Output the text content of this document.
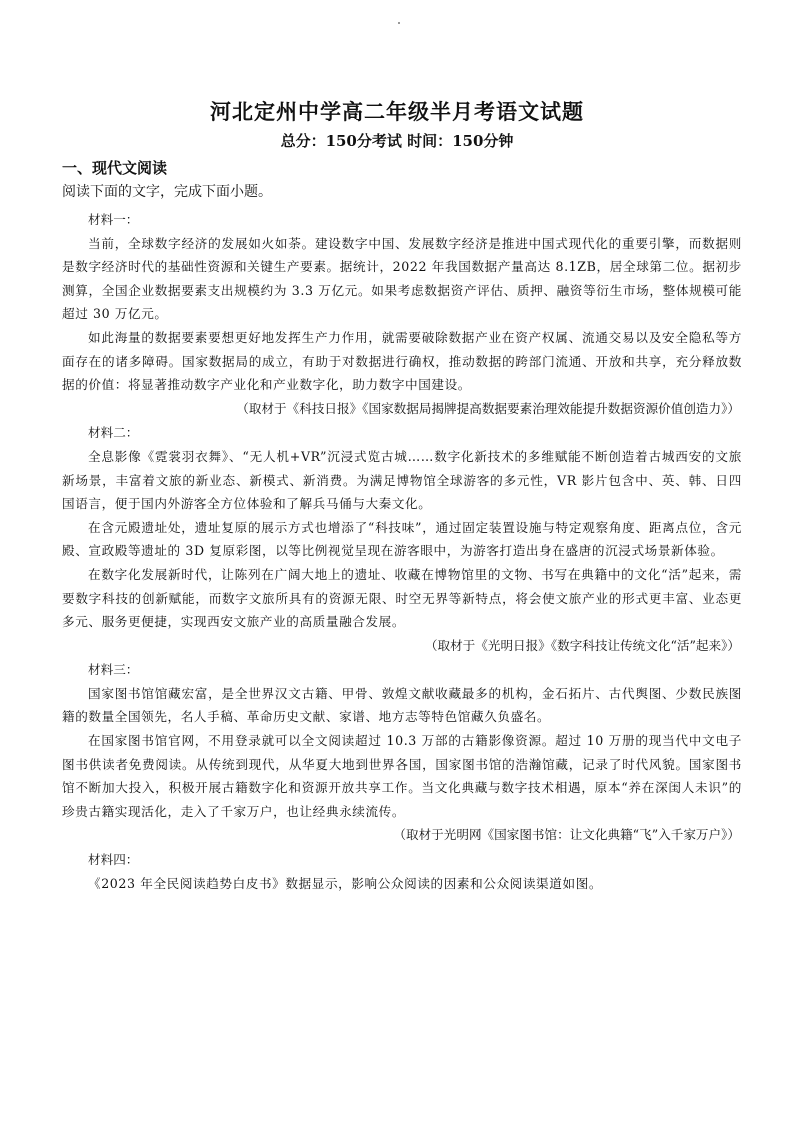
河北定州中学高二年级半月考语文试题
总分：150分考试 时间：150分钟
一、现代文阅读
阅读下面的文字，完成下面小题。
材料一：
当前，全球数字经济的发展如火如荼。建设数字中国、发展数字经济是推进中国式现代化的重要引擎，而数据则是数字经济时代的基础性资源和关键生产要素。据统计，2022 年我国数据产量高达 8.1ZB，居全球第二位。据初步测算，全国企业数据要素支出规模约为 3.3 万亿元。如果考虑数据资产评估、质押、融资等衍生市场，整体规模可能超过 30 万亿元。
如此海量的数据要素要想更好地发挥生产力作用，就需要破除数据产业在资产权属、流通交易以及安全隐私等方面存在的诸多障碍。国家数据局的成立，有助于对数据进行确权，推动数据的跨部门流通、开放和共享，充分释放数据的价值：将显著推动数字产业化和产业数字化，助力数字中国建设。
（取材于《科技日报》《国家数据局揭牌提高数据要素治理效能提升数据资源价值创造力》）
材料二：
全息影像《霓裳羽衣舞》、“无人机+VR”沉浸式览古城……数字化新技术的多维赋能不断创造着古城西安的文旅新场景，丰富着文旅的新业态、新模式、新消费。为满足博物馆全球游客的多元性，VR 影片包含中、英、韩、日四国语言，便于国内外游客全方位体验和了解兵马俑与大秦文化。
在含元殿遗址处，遗址复原的展示方式也增添了“科技味”，通过固定装置设施与特定观察角度、距离点位，含元殿、宣政殿等遗址的 3D 复原彩图，以等比例视觉呈现在游客眼中，为游客打造出身在盛唐的沉浸式场景新体验。
在数字化发展新时代，让陈列在广阔大地上的遗址、收藏在博物馆里的文物、书写在典籍中的文化“活”起来，需要数字科技的创新赋能，而数字文旅所具有的资源无限、时空无界等新特点，将会使文旅产业的形式更丰富、业态更多元、服务更便捷，实现西安文旅产业的高质量融合发展。
（取材于《光明日报》《数字科技让传统文化“活”起来》）
材料三：
国家图书馆馆藏宏富，是全世界汉文古籍、甲骨、敦煌文献收藏最多的机构，金石拓片、古代舆图、少数民族图籍的数量全国领先，名人手稿、革命历史文献、家谱、地方志等特色馆藏久负盛名。
在国家图书馆官网，不用登录就可以全文阅读超过 10.3 万部的古籍影像资源。超过 10 万册的现当代中文电子图书供读者免费阅读。从传统到现代，从华夏大地到世界各国，国家图书馆的浩瀚馆藏，记录了时代风貌。国家图书馆不断加大投入，积极开展古籍数字化和资源开放共享工作。当文化典藏与数字技术相遇，原本“养在深闺人未识”的珍贵古籍实现活化，走入了千家万户，也让经典永续流传。
（取材于光明网《国家图书馆：让文化典籍“飞”入千家万户》）
材料四：
《2023 年全民阅读趋势白皮书》数据显示，影响公众阅读的因素和公众阅读渠道如图。
